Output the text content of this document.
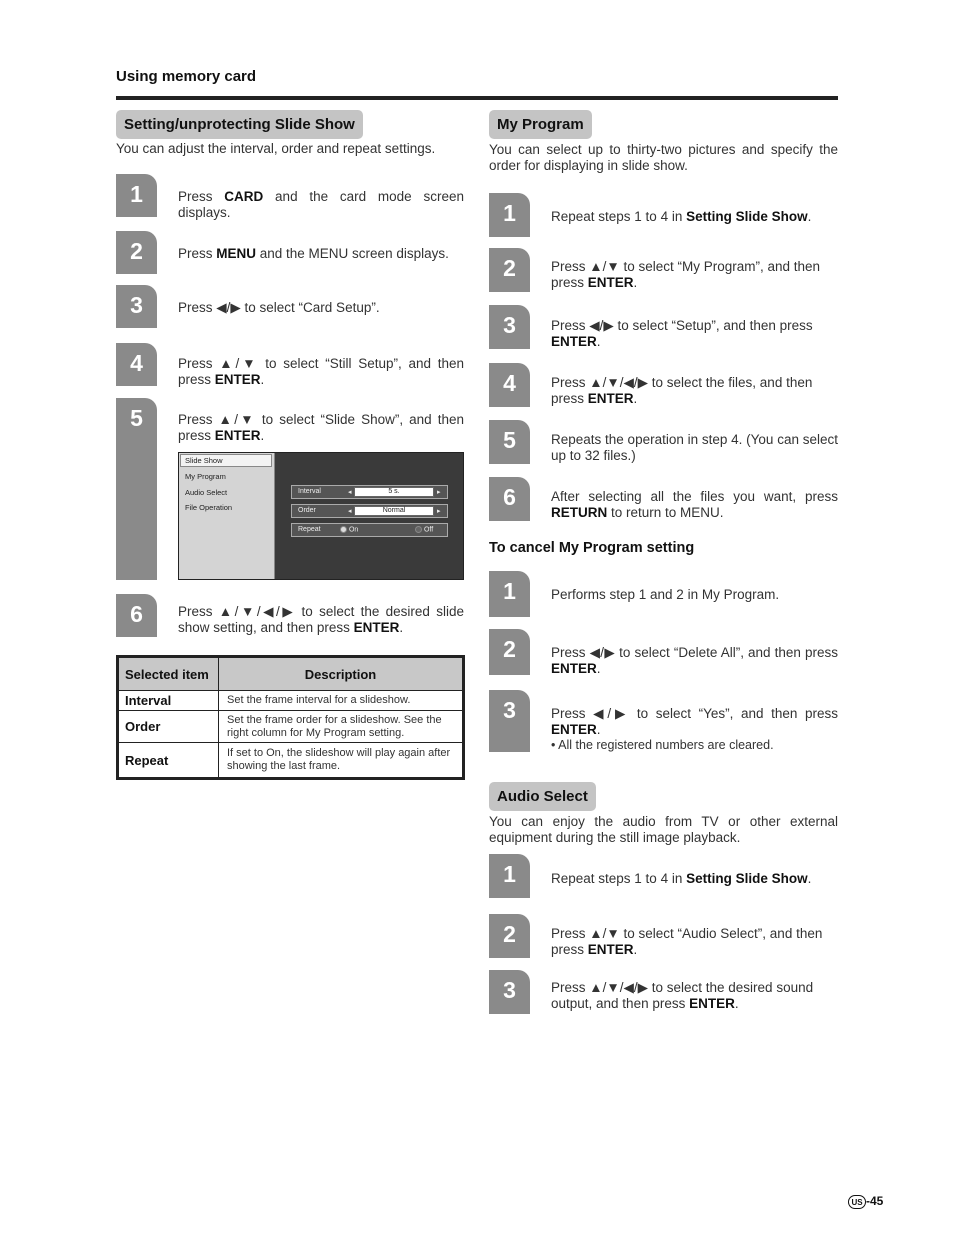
Using memory card
Setting/unprotecting Slide Show
You can adjust the interval, order and repeat settings.
1	Press CARD and the card mode screen displays.
2	Press MENU and the MENU screen displays.
3	Press ◀/▶ to select “Card Setup”.
4	Press ▲/▼ to select “Still Setup”, and then press ENTER.
5	Press ▲/▼ to select “Slide Show”, and then press ENTER.
Slide Show
My Program
Audio Select
File Operation
Interval	◂	5 s.	▸
Order	◂	Normal	▸
Repeat	On	Off
6	Press ▲/▼/◀/▶ to select the desired slide show setting, and then press ENTER.
Selected item	Description
Interval	Set the frame interval for a slideshow.
Order	Set the frame order for a slideshow. See the right column for My Program setting.
Repeat	If set to On, the slideshow will play again after showing the last frame.
My Program
You can select up to thirty-two pictures and specify the order for displaying in slide show.
1	Repeat steps 1 to 4 in Setting Slide Show.
2	Press ▲/▼ to select “My Program”, and then press ENTER.
3	Press ◀/▶ to select “Setup”, and then press ENTER.
4	Press ▲/▼/◀/▶ to select the files, and then press ENTER.
5	Repeats the operation in step 4. (You can select up to 32 files.)
6	After selecting all the files you want, press RETURN to return to MENU.
To cancel My Program setting
1	Performs step 1 and 2 in My Program.
2	Press ◀/▶ to select “Delete All”, and then press ENTER.
3	Press ◀/▶ to select “Yes”, and then press ENTER.
• All the registered numbers are cleared.
Audio Select
You can enjoy the audio from TV or other external equipment during the still image playback.
1	Repeat steps 1 to 4 in Setting Slide Show.
2	Press ▲/▼ to select “Audio Select”, and then press ENTER.
3	Press ▲/▼/◀/▶ to select the desired sound output, and then press ENTER.
US -45
